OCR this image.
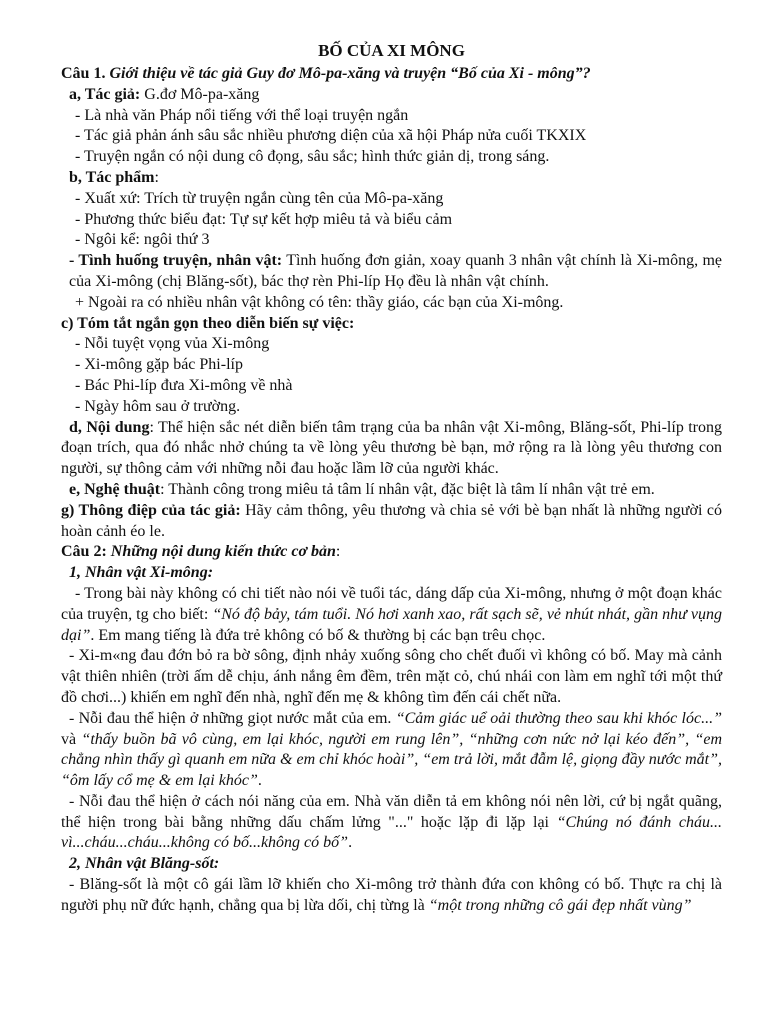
BỐ CỦA XI MÔNG

Câu 1. Giới thiệu về tác giả Guy đơ Mô-pa-xăng và truyện “Bố của Xi - mông”?

a, Tác giả: G.đơ Mô-pa-xăng

- Là nhà văn Pháp nổi tiếng với thể loại truyện ngắn

- Tác giả phản ánh sâu sắc nhiều phương diện của xã hội Pháp nửa cuối TKXIX

- Truyện ngắn có nội dung cô đọng, sâu sắc; hình thức giản dị, trong sáng.

b, Tác phẩm:

- Xuất xứ: Trích từ truyện ngắn cùng tên của Mô-pa-xăng

- Phương thức biểu đạt: Tự sự kết hợp miêu tả và biểu cảm

- Ngôi kể: ngôi thứ 3

- Tình huống truyện, nhân vật: Tình huống đơn giản, xoay quanh 3 nhân vật chính là Xi-mông, mẹ của Xi-mông (chị Blăng-sốt), bác thợ rèn Phi-líp Họ đều là nhân vật chính.

+ Ngoài ra có nhiều nhân vật không có tên: thầy giáo, các bạn của Xi-mông.

c) Tóm tắt ngắn gọn theo diễn biến sự việc:

- Nỗi tuyệt vọng vủa Xi-mông

- Xi-mông gặp bác Phi-líp

- Bác Phi-líp đưa Xi-mông về nhà

- Ngày hôm sau ở trường.

d, Nội dung: Thể hiện sắc nét diễn biến tâm trạng của ba nhân vật Xi-mông, Blăng-sốt, Phi-líp trong đoạn trích, qua đó nhắc nhở chúng ta về lòng yêu thương bè bạn, mở rộng ra là lòng yêu thương con người, sự thông cảm với những nỗi đau hoặc lầm lỡ của người khác.

e, Nghệ thuật: Thành công trong miêu tả tâm lí nhân vật, đặc biệt là tâm lí nhân vật trẻ em.

g) Thông điệp của tác giả: Hãy cảm thông, yêu thương và chia sẻ với bè bạn nhất là những người có hoàn cảnh éo le.

Câu 2: Những nội dung kiến thức cơ bản:

1, Nhân vật Xi-mông:

- Trong bài này không có chi tiết nào nói về tuổi tác, dáng dấp của Xi-mông, nhưng ở một đoạn khác của truyện, tg cho biết: “Nó độ bảy, tám tuổi. Nó hơi xanh xao, rất sạch sẽ, vẻ nhút nhát, gần như vụng dại”. Em mang tiếng là đứa trẻ không có bố & thường bị các bạn trêu chọc.

- Xi-m«ng đau đớn bỏ ra bờ sông, định nhảy xuống sông cho chết đuối vì không có bố. May mà cảnh vật thiên nhiên (trời ấm dễ chịu, ánh nắng êm đềm, trên mặt cỏ, chú nhái con làm em nghĩ tới một thứ đồ chơi...) khiến em nghĩ đến nhà, nghĩ đến mẹ & không tìm đến cái chết nữa.

- Nỗi đau thể hiện ở những giọt nước mắt của em. “Cảm giác uể oải thường theo sau khi khóc lóc...” và “thấy buồn bã vô cùng, em lại khóc, người em rung lên”, “những cơn nức nở lại kéo đến”, “em chẳng nhìn thấy gì quanh em nữa & em chỉ khóc hoài”, “em trả lời, mắt đẫm lệ, giọng đầy nước mắt”, “ôm lấy cổ mẹ & em lại khóc”.

- Nỗi đau thể hiện ở cách nói năng của em. Nhà văn diễn tả em không nói nên lời, cứ bị ngắt quãng, thể hiện trong bài bằng những dấu chấm lửng "..." hoặc lặp đi lặp lại “Chúng nó đánh cháu... vì...cháu...cháu...không có bố...không có bố”.

2, Nhân vật Blăng-sốt:

- Blăng-sốt là một cô gái lầm lỡ khiến cho Xi-mông trở thành đứa con không có bố. Thực ra chị là người phụ nữ đức hạnh, chẳng qua bị lừa dối, chị từng là “một trong những cô gái đẹp nhất vùng”
